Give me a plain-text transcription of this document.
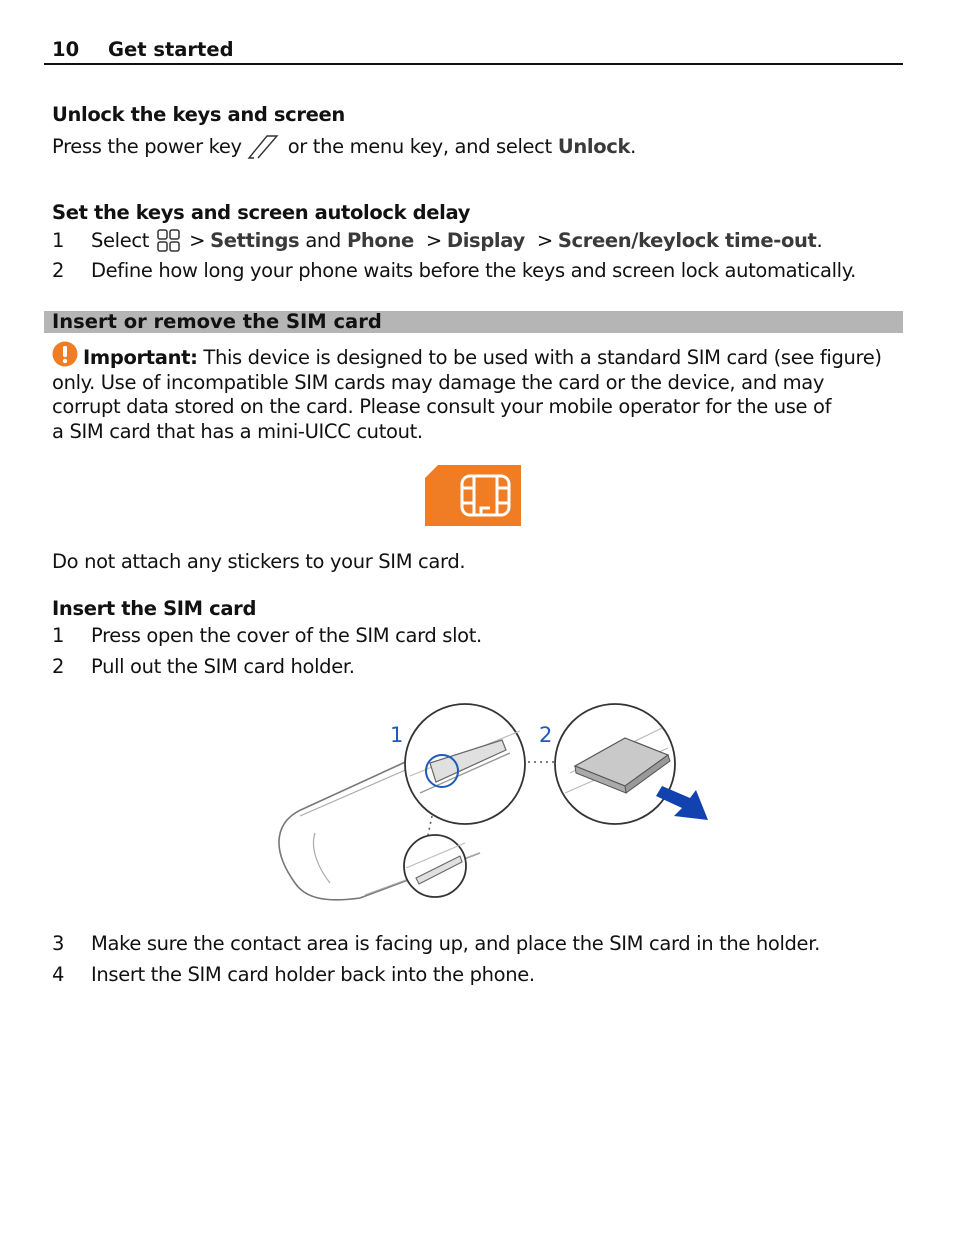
10 Get started
Unlock the keys and screen
Press the power key or the menu key, and select Unlock .
Set the keys and screen autolock delay
1	Select > Settings and Phone > Display > Screen/keylock time-out .
2	Define how long your phone waits before the keys and screen lock automatically.
Insert or remove the SIM card
Important: This device is designed to be used with a standard SIM card (see figure)
only. Use of incompatible SIM cards may damage the card or the device, and may
corrupt data stored on the card. Please consult your mobile operator for the use of
a SIM card that has a mini-UICC cutout.
Do not attach any stickers to your SIM card.
Insert the SIM card
1	Press open the cover of the SIM card slot.
2	Pull out the SIM card holder.
1	2
3	Make sure the contact area is facing up, and place the SIM card in the holder.
4	Insert the SIM card holder back into the phone.
